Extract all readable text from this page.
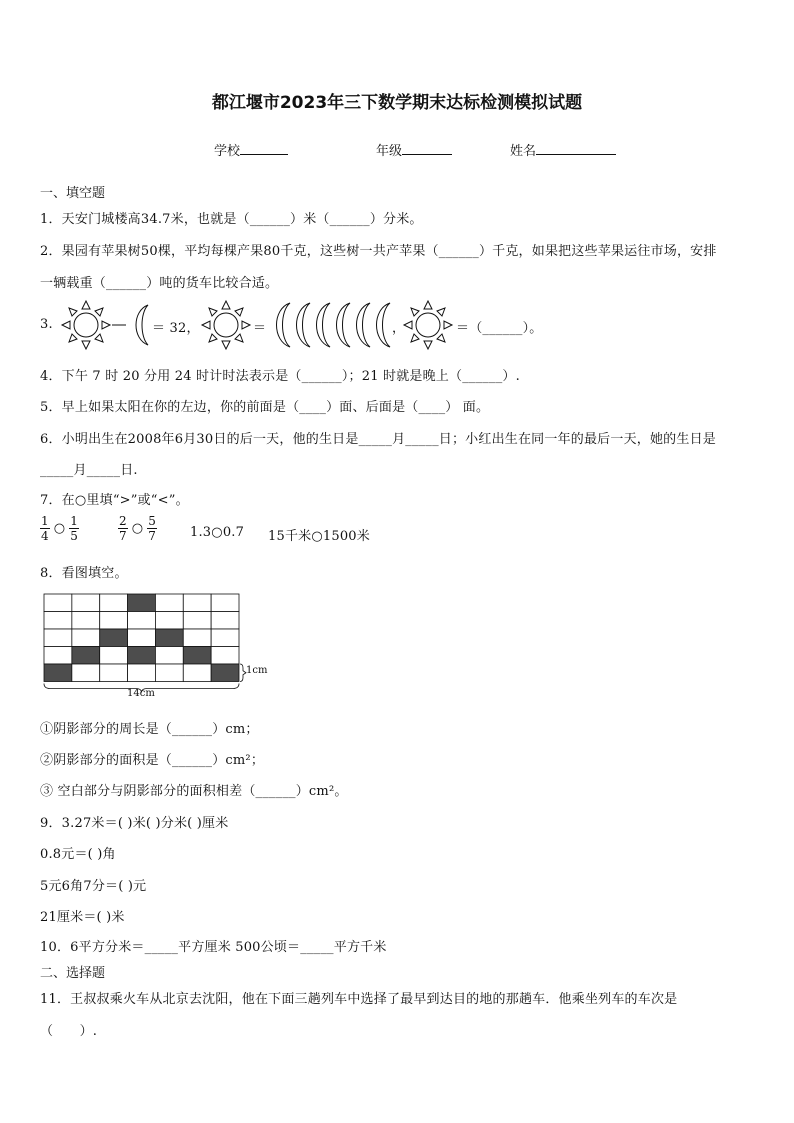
都江堰市2023年三下数学期末达标检测模拟试题
学校	年级	姓名
一、填空题
1．天安门城楼高34.7米，也就是（______）米（______）分米。
2．果园有苹果树50棵，平均每棵产果80千克，这些树一共产苹果（______）千克，如果把这些苹果运往市场，安排
一辆载重（______）吨的货车比较合适。
3.	＝ 32，	＝	，	＝（______）。
4．下午 7 时 20 分用 24 时计时法表示是（______）；21 时就是晚上（______）.
5．早上如果太阳在你的左边，你的前面是（____）面、后面是（____） 面。
6．小明出生在2008年6月30日的后一天，他的生日是_____月_____日；小红出生在同一年的最后一天，她的生日是
_____月_____日.
7．在○里填“>”或“<”。
$\frac{1}{4}$ ○ $\frac{1}{5}$	$\frac{2}{7}$ ○ $\frac{5}{7}$	1.3○0.7 15千米○1500米
8．看图填空。
1cm
14cm
①阴影部分的周长是（______）cm；
②阴影部分的面积是（______）cm²；
③ 空白部分与阴影部分的面积相差（______）cm²。
9．3.27米＝( )米( )分米( )厘米
0.8元＝( )角
5元6角7分＝( )元
21厘米＝( )米
10．6平方分米＝_____平方厘米 500公顷＝_____平方千米
二、选择题
11．王叔叔乘火车从北京去沈阳，他在下面三趟列车中选择了最早到达目的地的那趟车．他乘坐列车的车次是
（　　）.
